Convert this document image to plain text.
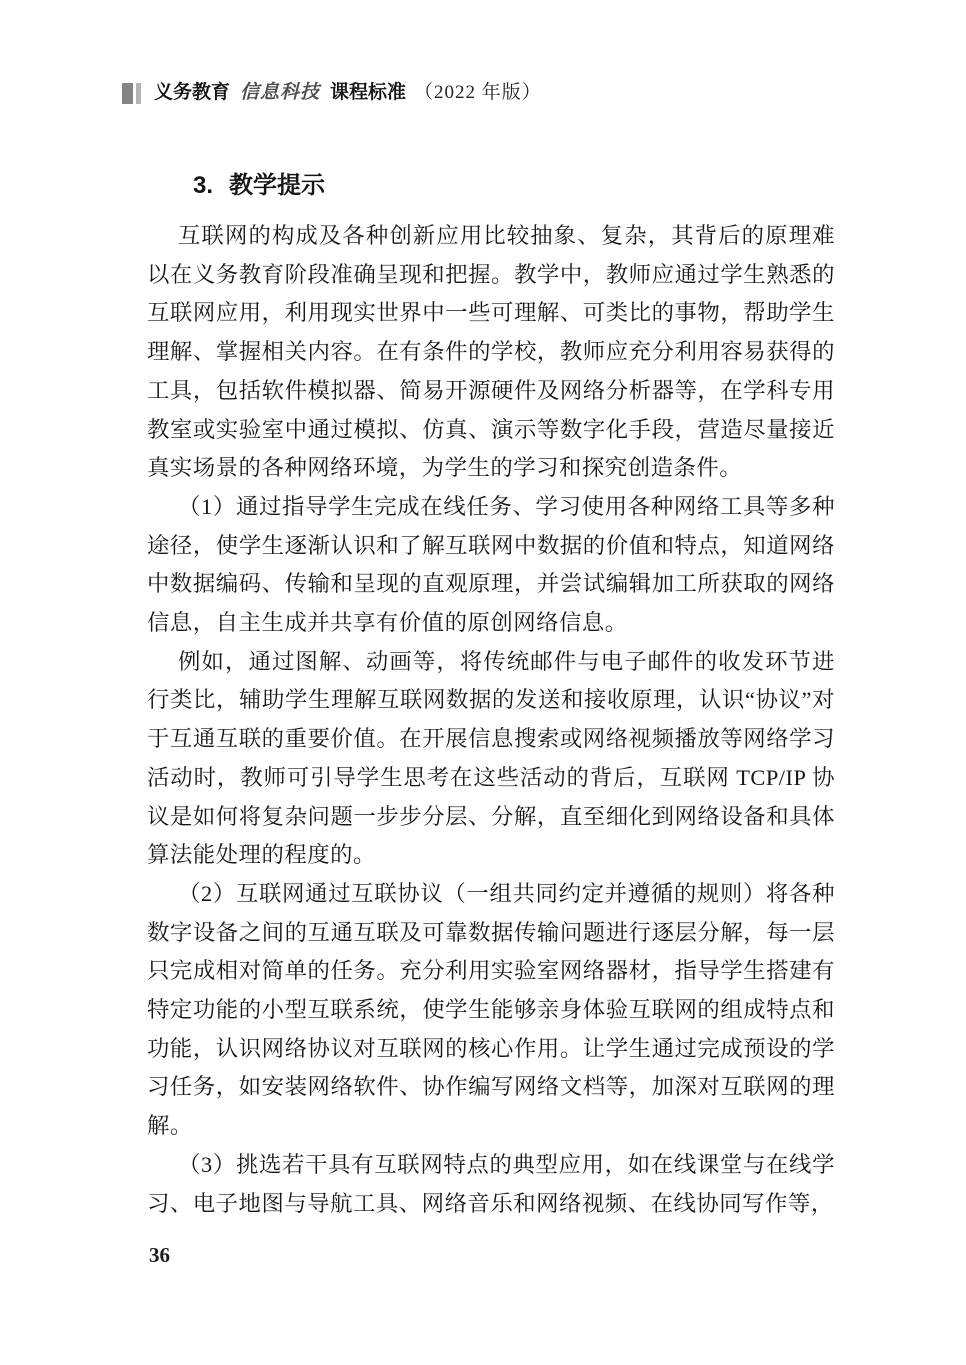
义务教育 信息科技 课程标准 （2022 年版）
3. 教学提示

互联网的构成及各种创新应用比较抽象、复杂，其背后的原理难以在义务教育阶段准确呈现和把握。教学中，教师应通过学生熟悉的互联网应用，利用现实世界中一些可理解、可类比的事物，帮助学生理解、掌握相关内容。在有条件的学校，教师应充分利用容易获得的工具，包括软件模拟器、简易开源硬件及网络分析器等，在学科专用教室或实验室中通过模拟、仿真、演示等数字化手段，营造尽量接近真实场景的各种网络环境，为学生的学习和探究创造条件。

（1）通过指导学生完成在线任务、学习使用各种网络工具等多种途径，使学生逐渐认识和了解互联网中数据的价值和特点，知道网络中数据编码、传输和呈现的直观原理，并尝试编辑加工所获取的网络信息，自主生成并共享有价值的原创网络信息。

例如，通过图解、动画等，将传统邮件与电子邮件的收发环节进行类比，辅助学生理解互联网数据的发送和接收原理，认识“协议”对于互通互联的重要价值。在开展信息搜索或网络视频播放等网络学习活动时，教师可引导学生思考在这些活动的背后，互联网 TCP/IP 协议是如何将复杂问题一步步分层、分解，直至细化到网络设备和具体算法能处理的程度的。

（2）互联网通过互联协议（一组共同约定并遵循的规则）将各种数字设备之间的互通互联及可靠数据传输问题进行逐层分解，每一层只完成相对简单的任务。充分利用实验室网络器材，指导学生搭建有特定功能的小型互联系统，使学生能够亲身体验互联网的组成特点和功能，认识网络协议对互联网的核心作用。让学生通过完成预设的学习任务，如安装网络软件、协作编写网络文档等，加深对互联网的理解。

（3）挑选若干具有互联网特点的典型应用，如在线课堂与在线学习、电子地图与导航工具、网络音乐和网络视频、在线协同写作等，

36
